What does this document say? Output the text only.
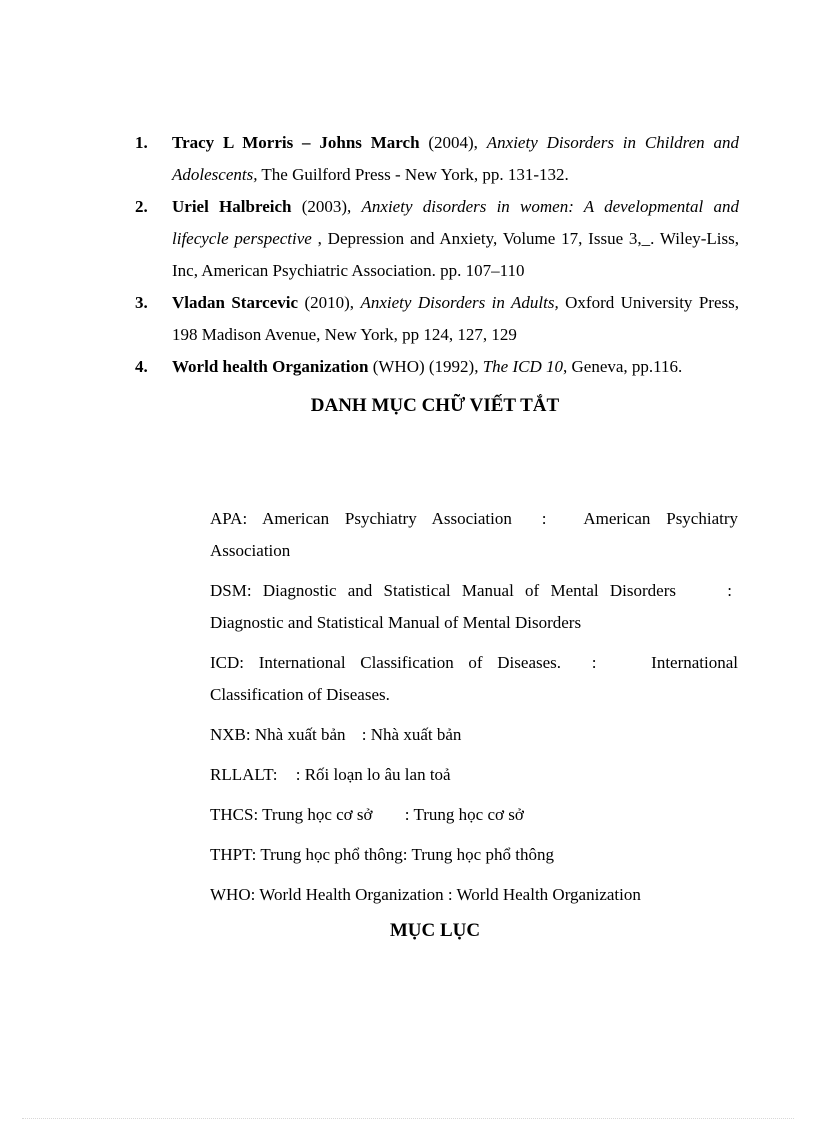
1.	Tracy L Morris – Johns March (2004), Anxiety Disorders in Children and Adolescents, The Guilford Press - New York, pp. 131-132.
2.	Uriel Halbreich (2003), Anxiety disorders in women: A developmental and lifecycle perspective , Depression and Anxiety, Volume 17, Issue 3,_. Wiley-Liss, Inc, American Psychiatric Association. pp. 107–110
3.	Vladan Starcevic (2010), Anxiety Disorders in Adults, Oxford University Press, 198 Madison Avenue, New York, pp 124, 127, 129
4.	World health Organization (WHO) (1992), The ICD 10, Geneva, pp.116.
DANH MỤC CHỮ VIẾT TẮT
APA: American Psychiatry Association : American Psychiatry Association
DSM: Diagnostic and Statistical Manual of Mental Disorders	: Diagnostic and Statistical Manual of Mental Disorders
ICD: International Classification of Diseases. :	International Classification of Diseases.
NXB: Nhà xuất bản : Nhà xuất bản
RLLALT: : Rối loạn lo âu lan toả
THCS: Trung học cơ sở : Trung học cơ sở
THPT: Trung học phổ thông: Trung học phổ thông
WHO: World Health Organization : World Health Organization
MỤC LỤC
